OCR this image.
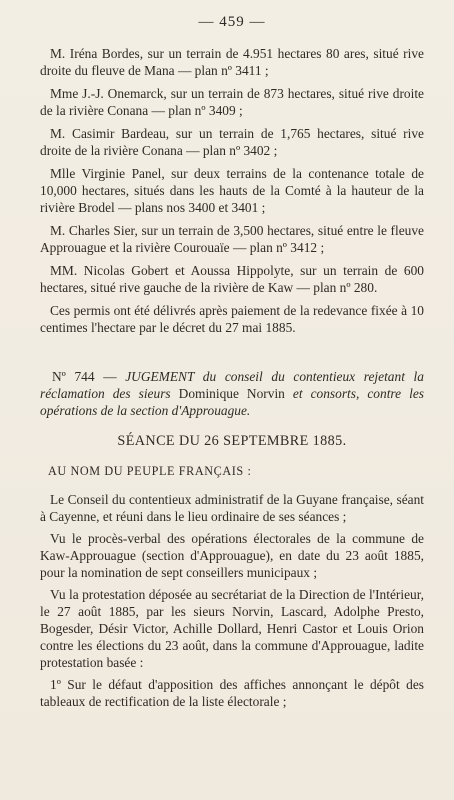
— 459 —

M. Iréna Bordes, sur un terrain de 4.951 hectares 80 ares, situé rive droite du fleuve de Mana — plan nº 3411 ;

Mme J.-J. Onemarck, sur un terrain de 873 hectares, situé rive droite de la rivière Conana — plan nº 3409 ;

M. Casimir Bardeau, sur un terrain de 1,765 hectares, situé rive droite de la rivière Conana — plan nº 3402 ;

Mlle Virginie Panel, sur deux terrains de la contenance totale de 10,000 hectares, situés dans les hauts de la Comté à la hauteur de la rivière Brodel — plans nos 3400 et 3401 ;

M. Charles Sier, sur un terrain de 3,500 hectares, situé entre le fleuve Approuague et la rivière Courouaïe — plan nº 3412 ;

MM. Nicolas Gobert et Aoussa Hippolyte, sur un terrain de 600 hectares, situé rive gauche de la rivière de Kaw — plan nº 280.

Ces permis ont été délivrés après paiement de la redevance fixée à 10 centimes l'hectare par le décret du 27 mai 1885.

Nº 744 — JUGEMENT du conseil du contentieux rejetant la réclamation des sieurs Dominique Norvin et consorts, contre les opérations de la section d'Approuague.

SÉANCE DU 26 SEPTEMBRE 1885.
AU NOM DU PEUPLE FRANÇAIS :

Le Conseil du contentieux administratif de la Guyane française, séant à Cayenne, et réuni dans le lieu ordinaire de ses séances ;

Vu le procès-verbal des opérations électorales de la commune de Kaw-Approuague (section d'Approuague), en date du 23 août 1885, pour la nomination de sept conseillers municipaux ;

Vu la protestation déposée au secrétariat de la Direction de l'Intérieur, le 27 août 1885, par les sieurs Norvin, Lascard, Adolphe Presto, Bogesder, Désir Victor, Achille Dollard, Henri Castor et Louis Orion contre les élections du 23 août, dans la commune d'Approuague, ladite protestation basée :

1º Sur le défaut d'apposition des affiches annonçant le dépôt des tableaux de rectification de la liste électorale ;
